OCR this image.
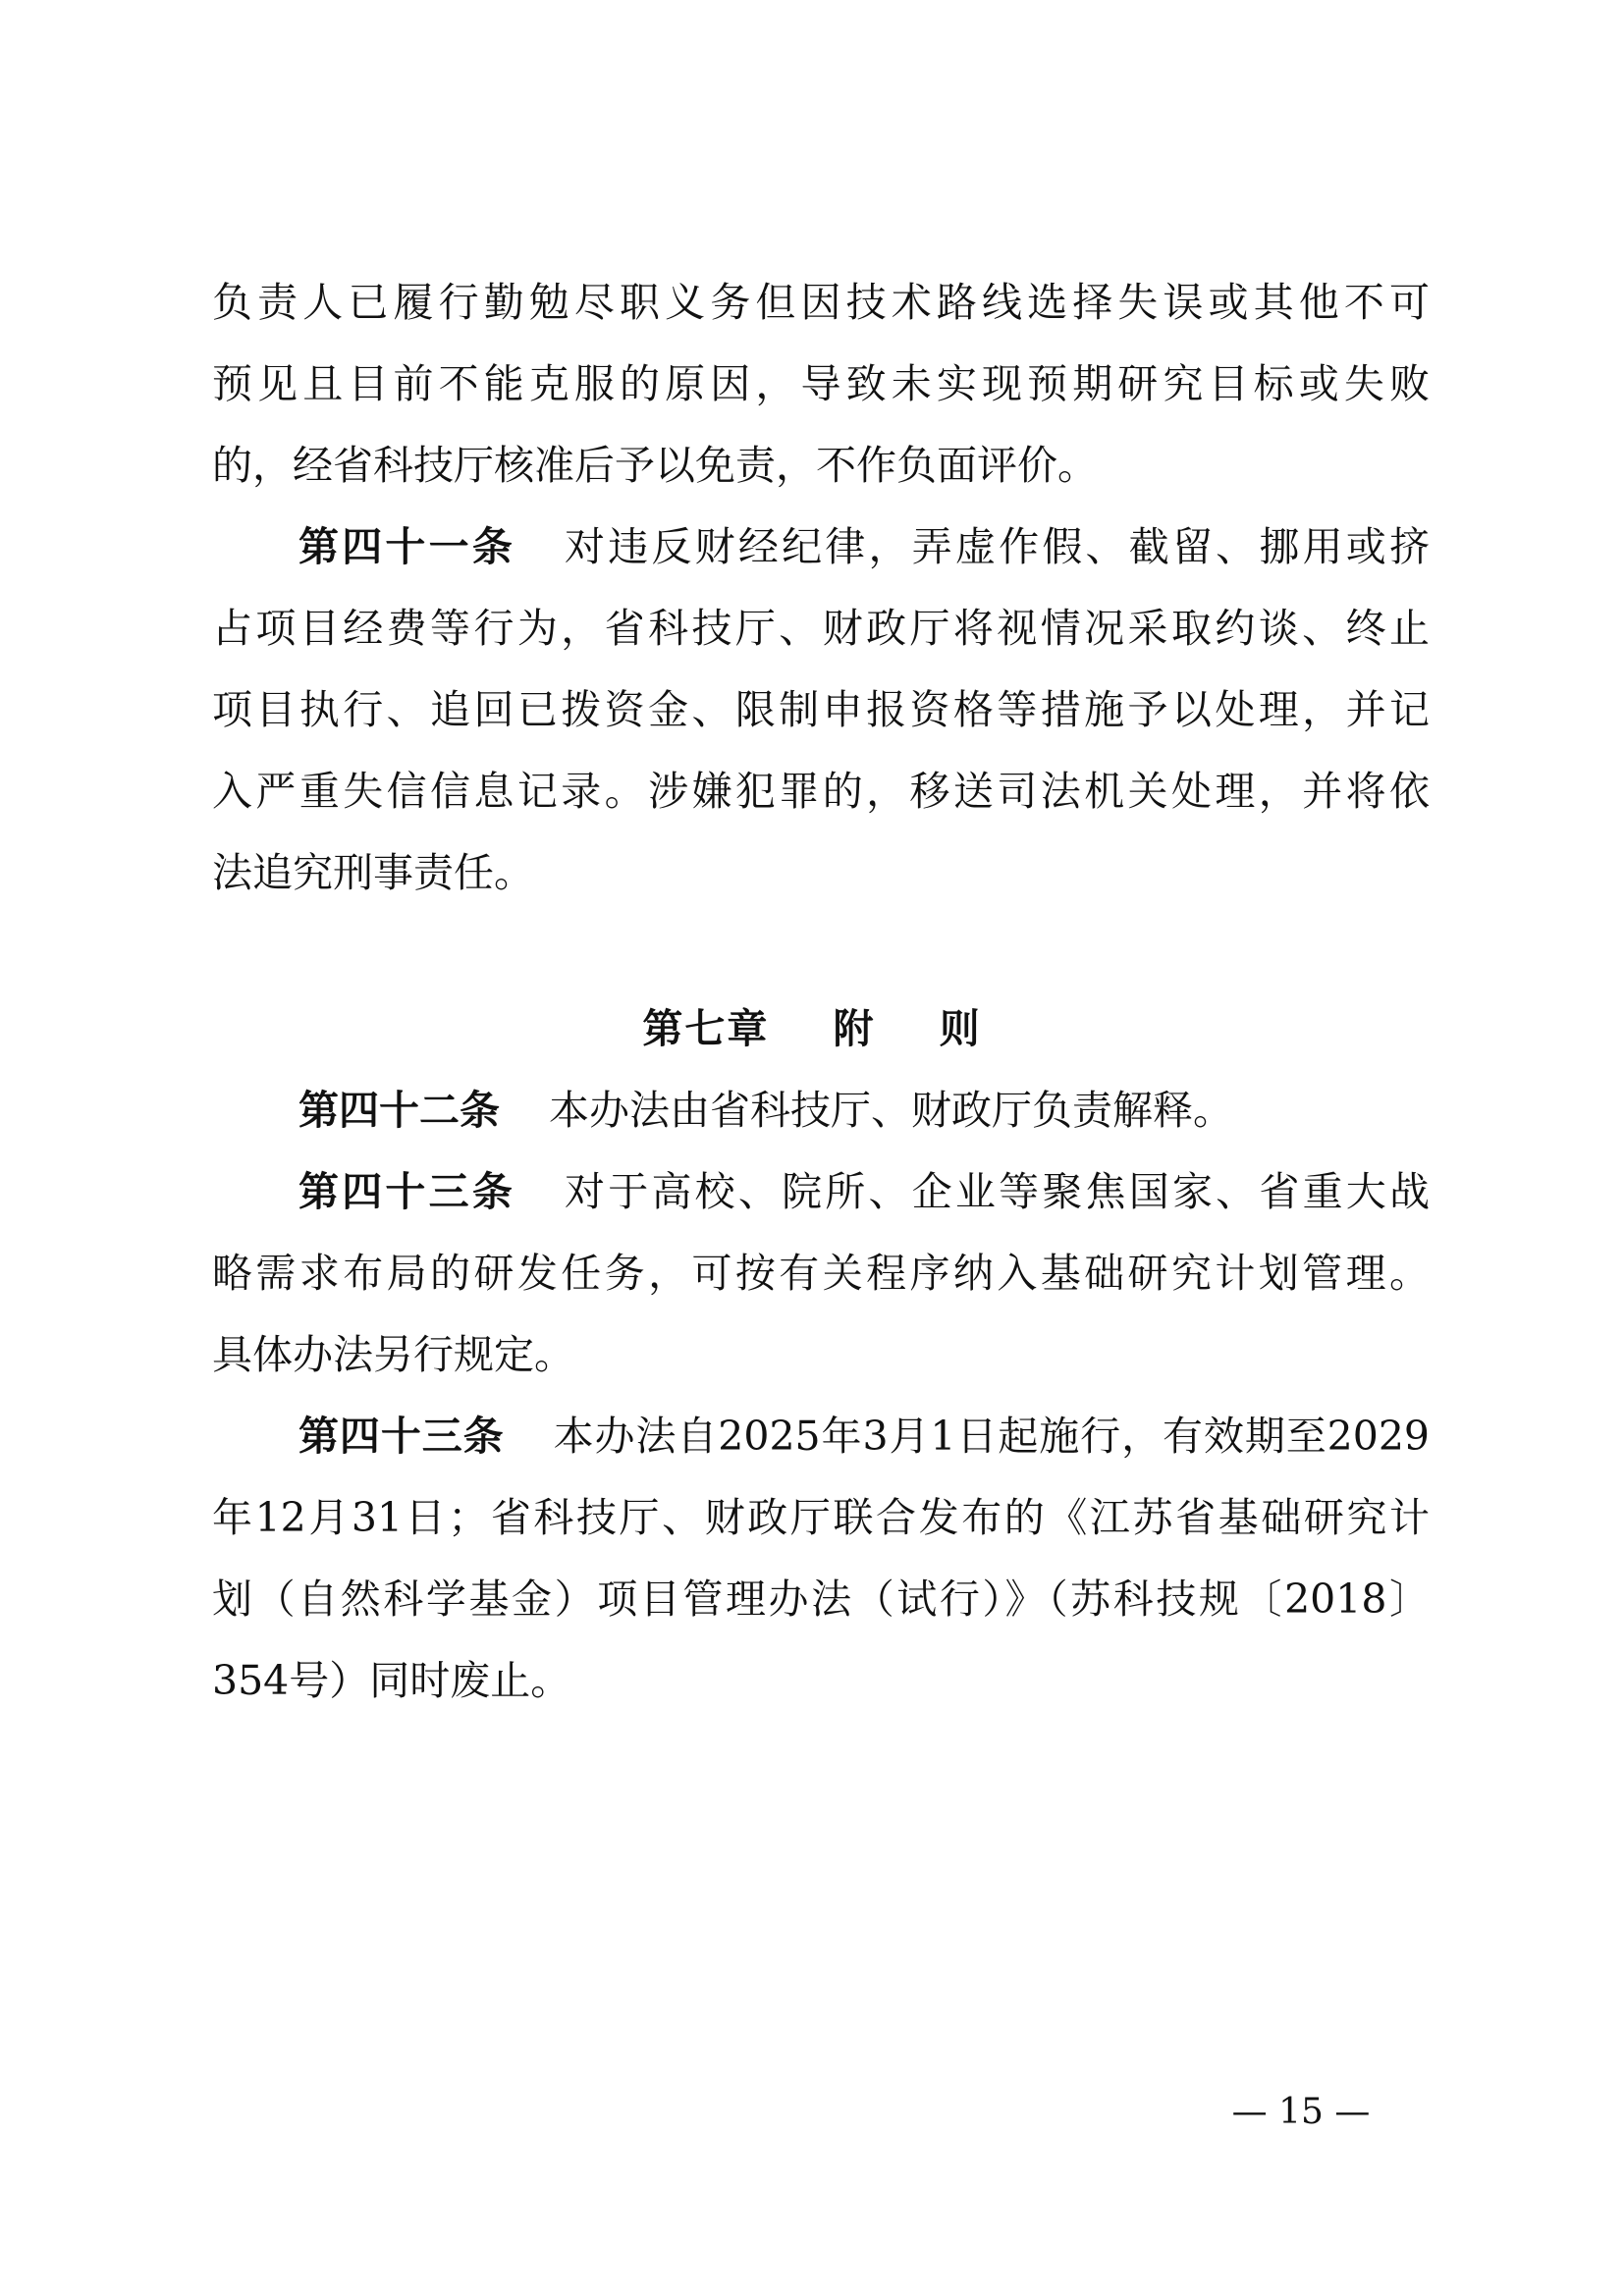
负责人已履行勤勉尽职义务但因技术路线选择失误或其他不可
预见且目前不能克服的原因，导致未实现预期研究目标或失败
的，经省科技厅核准后予以免责，不作负面评价。
第四十一条 对违反财经纪律，弄虚作假、截留、挪用或挤
占项目经费等行为，省科技厅、财政厅将视情况采取约谈、终止
项目执行、追回已拨资金、限制申报资格等措施予以处理，并记
入严重失信信息记录。涉嫌犯罪的，移送司法机关处理，并将依
法追究刑事责任。
第七章    附    则
第四十二条 本办法由省科技厅、财政厅负责解释。
第四十三条 对于高校、院所、企业等聚焦国家、省重大战
略需求布局的研发任务，可按有关程序纳入基础研究计划管理。
具体办法另行规定。
第四十三条 本办法自2025年3月1日起施行，有效期至2029
年12月31日；省科技厅、财政厅联合发布的《江苏省基础研究计
划（自然科学基金）项目管理办法（试行）》（苏科技规〔2018〕
354号）同时废止。
— 15 —
